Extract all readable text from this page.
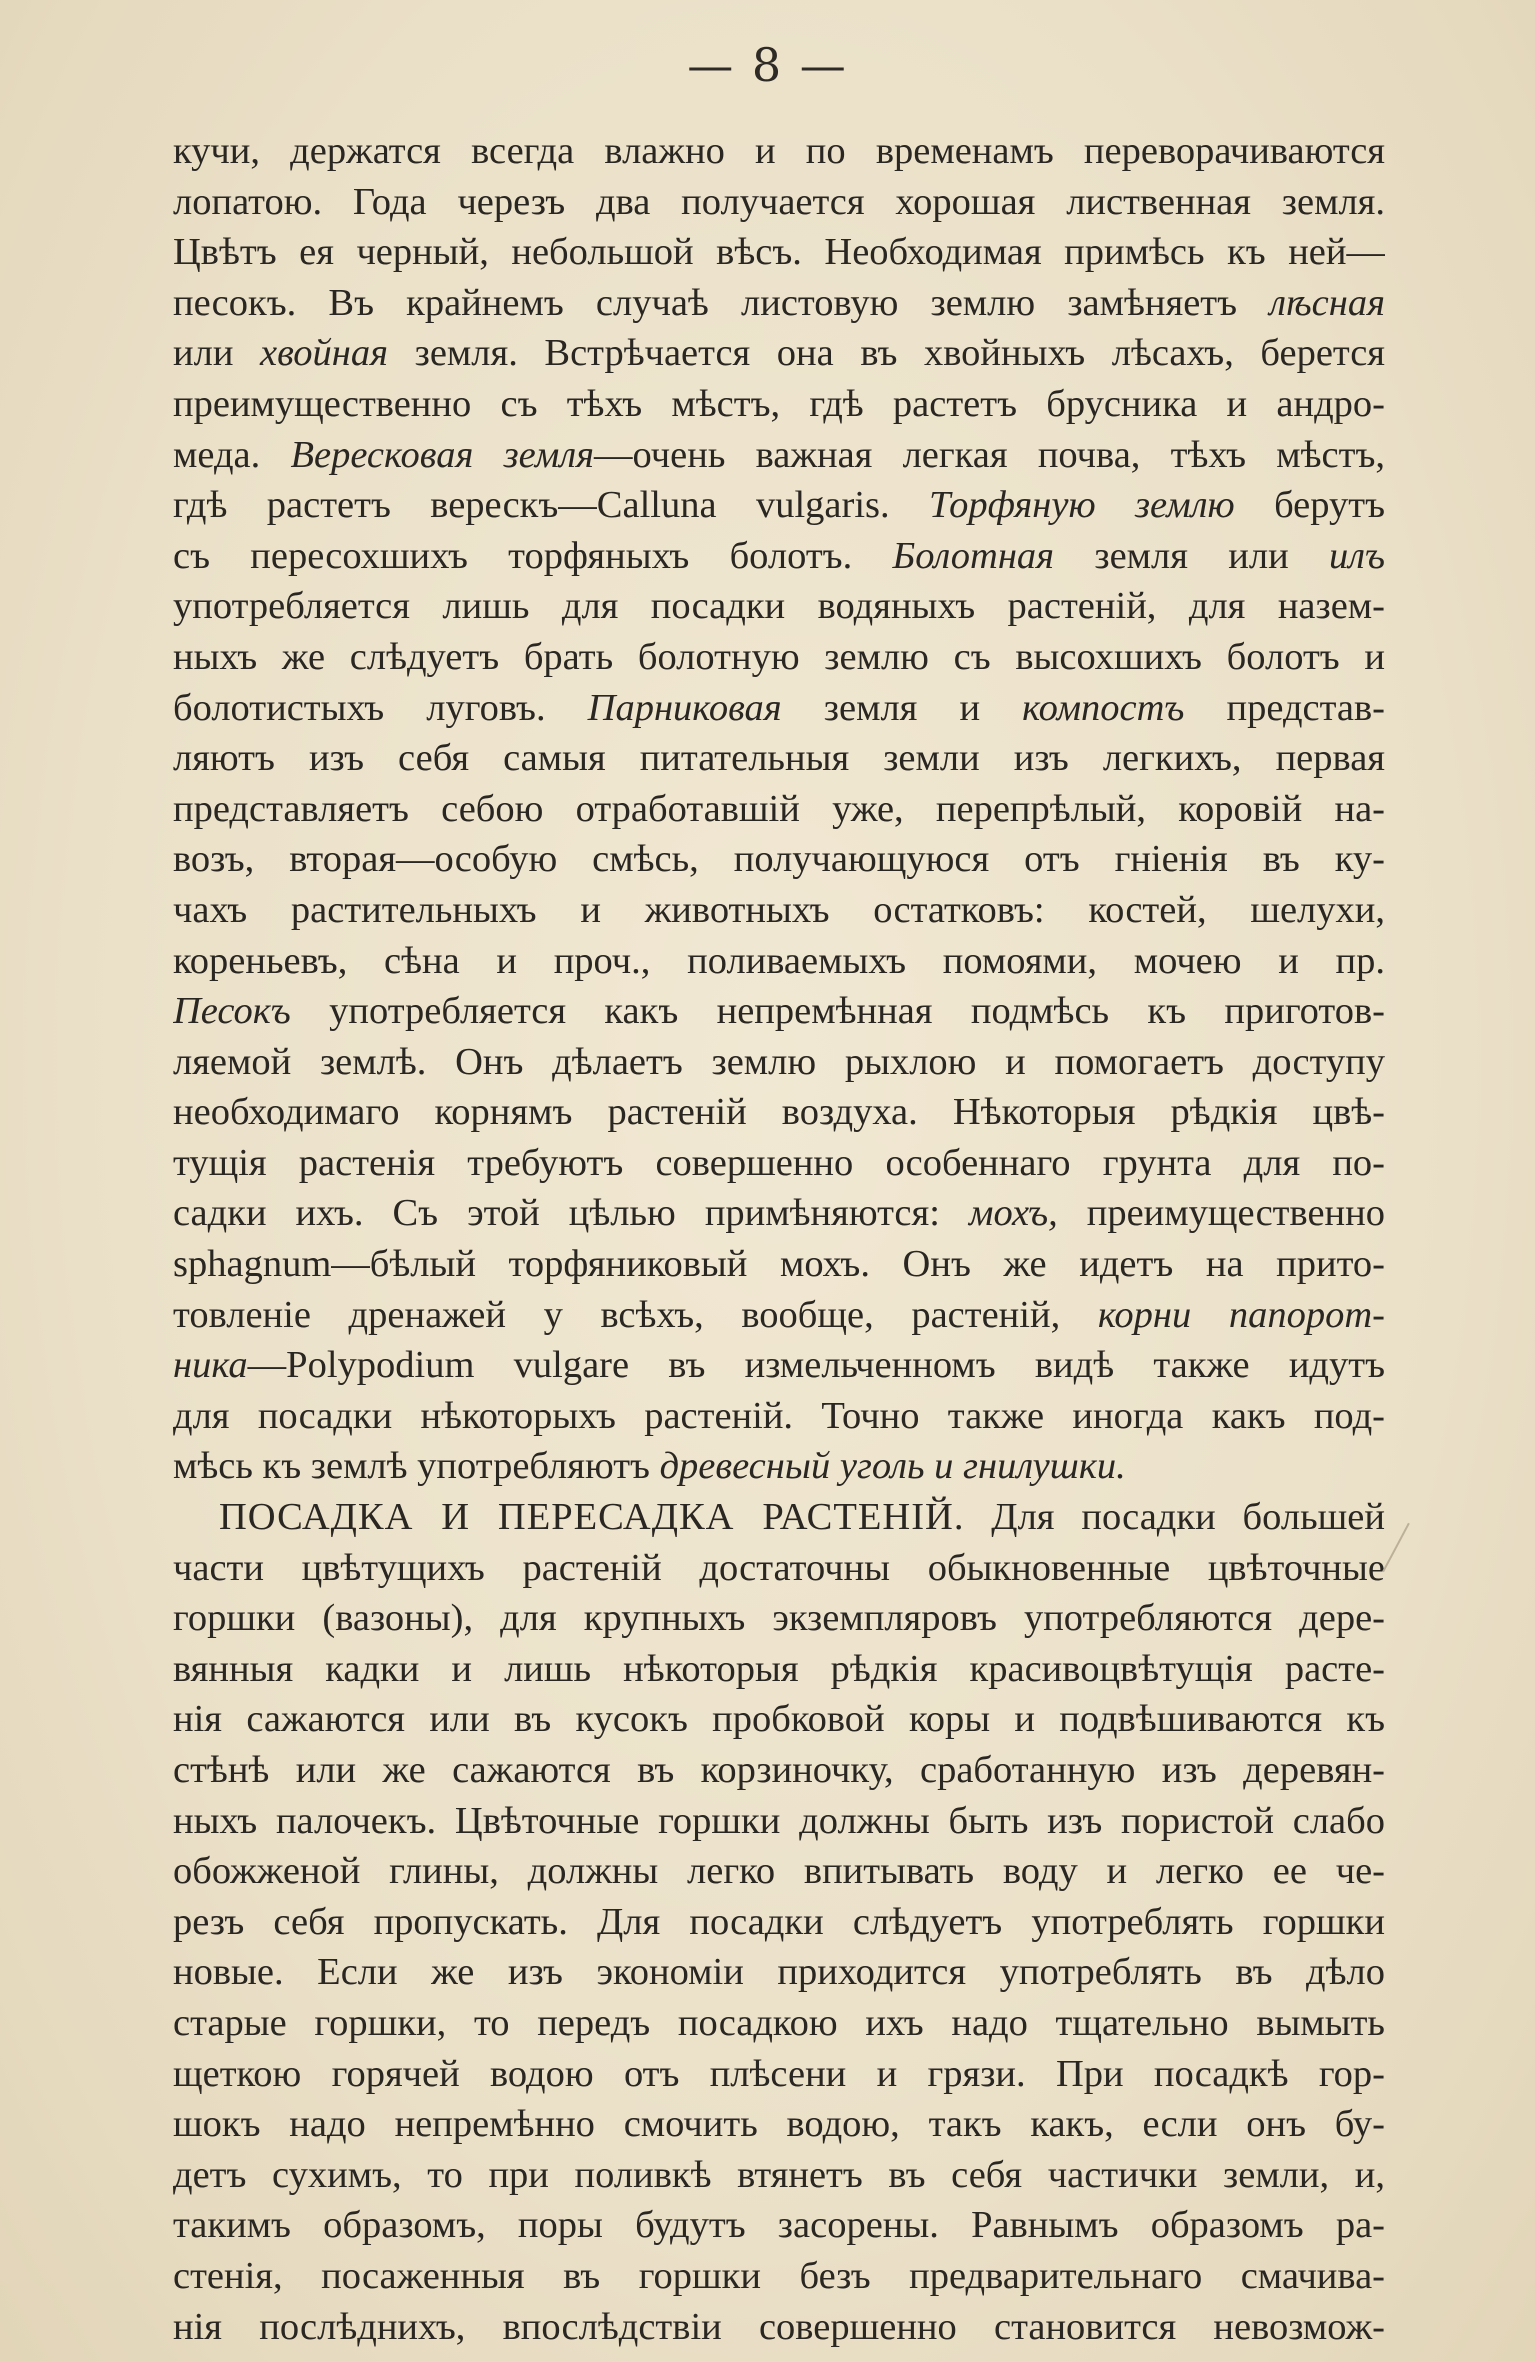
— 8 —
кучи, держатся всегда влажно и по временамъ переворачиваются
лопатою. Года черезъ два получается хорошая лиственная земля.
Цвѣтъ ея черный, небольшой вѣсъ. Необходимая примѣсь къ ней—
песокъ. Въ крайнемъ случаѣ листовую землю замѣняетъ лѣсная
или хвойная земля. Встрѣчается она въ хвойныхъ лѣсахъ, берется
преимущественно съ тѣхъ мѣстъ, гдѣ растетъ брусника и андро-
меда. Вересковая земля—очень важная легкая почва, тѣхъ мѣстъ,
гдѣ растетъ верескъ—Calluna vulgaris. Торфяную землю берутъ
съ пересохшихъ торфяныхъ болотъ. Болотная земля или илъ
употребляется лишь для посадки водяныхъ растеній, для назем-
ныхъ же слѣдуетъ брать болотную землю съ высохшихъ болотъ и
болотистыхъ луговъ. Парниковая земля и компостъ представ-
ляютъ изъ себя самыя питательныя земли изъ легкихъ, первая
представляетъ себою отработавшій уже, перепрѣлый, коровій на-
возъ, вторая—особую смѣсь, получающуюся отъ гніенія въ ку-
чахъ растительныхъ и животныхъ остатковъ: костей, шелухи,
кореньевъ, сѣна и проч., поливаемыхъ помоями, мочею и пр.
Песокъ употребляется какъ непремѣнная подмѣсь къ приготов-
ляемой землѣ. Онъ дѣлаетъ землю рыхлою и помогаетъ доступу
необходимаго корнямъ растеній воздуха. Нѣкоторыя рѣдкія цвѣ-
тущія растенія требуютъ совершенно особеннаго грунта для по-
садки ихъ. Съ этой цѣлью примѣняются: мохъ, преимущественно
sphagnum—бѣлый торфяниковый мохъ. Онъ же идетъ на прито-
товленіе дренажей у всѣхъ, вообще, растеній, корни папорот-
ника—Polypodium vulgare въ измельченномъ видѣ также идутъ
для посадки нѣкоторыхъ растеній. Точно также иногда какъ под-
мѣсь къ землѣ употребляютъ древесный уголь и гнилушки.
ПОСАДКА И ПЕРЕСАДКА РАСТЕНІЙ. Для посадки большей
части цвѣтущихъ растеній достаточны обыкновенные цвѣточные
горшки (вазоны), для крупныхъ экземпляровъ употребляются дере-
вянныя кадки и лишь нѣкоторыя рѣдкія красивоцвѣтущія расте-
нія сажаются или въ кусокъ пробковой коры и подвѣшиваются къ
стѣнѣ или же сажаются въ корзиночку, сработанную изъ деревян-
ныхъ палочекъ. Цвѣточные горшки должны быть изъ пористой слабо
обожженой глины, должны легко впитывать воду и легко ее че-
резъ себя пропускать. Для посадки слѣдуетъ употреблять горшки
новые. Если же изъ экономіи приходится употреблять въ дѣло
старые горшки, то передъ посадкою ихъ надо тщательно вымыть
щеткою горячей водою отъ плѣсени и грязи. При посадкѣ гор-
шокъ надо непремѣнно смочить водою, такъ какъ, если онъ бу-
детъ сухимъ, то при поливкѣ втянетъ въ себя частички земли, и,
такимъ образомъ, поры будутъ засорены. Равнымъ образомъ ра-
стенія, посаженныя въ горшки безъ предварительнаго смачива-
нія послѣднихъ, впослѣдствіи совершенно становится невозмож-
